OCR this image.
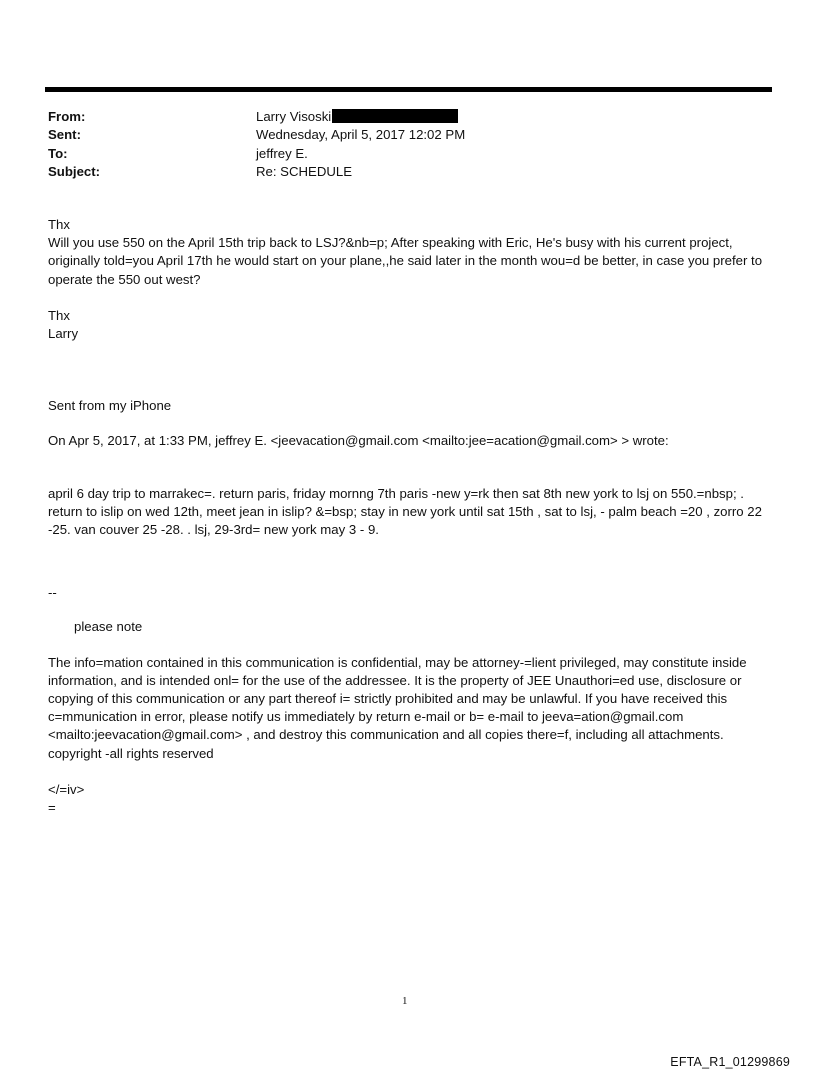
From:	Larry Visoski
Sent:	Wednesday, April 5, 2017 12:02 PM
To:	jeffrey E.
Subject:	Re: SCHEDULE

Thx

Will you use 550 on the April 15th trip back to LSJ?&nb=p; After speaking with Eric, He's busy with his current project, originally told=you April 17th he would start on your plane,,he said later in the month wou=d be better, in case you prefer to operate the 550 out west?

Thx

Larry

Sent from my iPhone

On Apr 5, 2017, at 1:33 PM, jeffrey E. <jeevacation@gmail.com <mailto:jee=acation@gmail.com> > wrote:

april 6 day trip to marrakec=. return paris, friday mornng 7th paris -new y=rk then sat 8th new york to lsj on 550.=nbsp; . return to islip on wed 12th, meet jean in islip? &=bsp; stay in new york until sat 15th , sat to lsj, - palm beach =20 , zorro 22 -25. van couver 25 -28. . lsj, 29-3rd= new york may 3 - 9.

--

please note

The info=mation contained in this communication is confidential, may be attorney-=lient privileged, may constitute inside information, and is intended onl= for the use of the addressee. It is the property of JEE Unauthori=ed use, disclosure or copying of this communication or any part thereof i= strictly prohibited and may be unlawful. If you have received this c=mmunication in error, please notify us immediately by return e-mail or b= e-mail to jeeva=ation@gmail.com <mailto:jeevacation@gmail.com> , and destroy this communication and all copies there=f, including all attachments. copyright -all rights reserved

</=iv>

=

1
EFTA_R1_01299869
